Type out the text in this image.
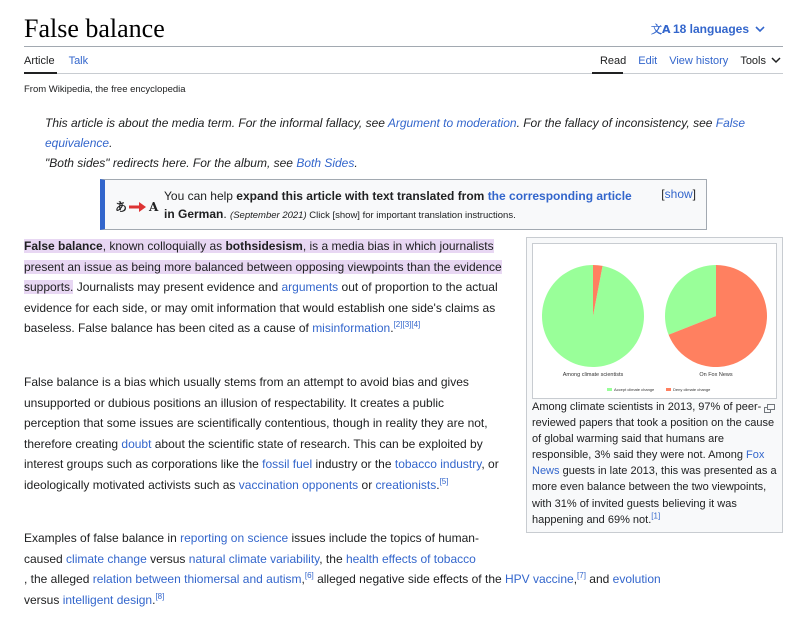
False balance	文A 18 languages
Article Talk	Read Edit View history Tools
From Wikipedia, the free encyclopedia
This article is about the media term. For the informal fallacy, see Argument to moderation. For the fallacy of inconsistency, see False equivalence.
"Both sides" redirects here. For the album, see Both Sides.
あ A
You can help expand this article with text translated from the corresponding article in German. (September 2021) Click [show] for important translation instructions.
[show]
False balance, known colloquially as bothsidesism, is a media bias in which journalists present an issue as being more balanced between opposing viewpoints than the evidence supports. Journalists may present evidence and arguments out of proportion to the actual evidence for each side, or may omit information that would establish one side's claims as baseless. False balance has been cited as a cause of misinformation.[2][3][4]
False balance is a bias which usually stems from an attempt to avoid bias and gives unsupported or dubious positions an illusion of respectability. It creates a public perception that some issues are scientifically contentious, though in reality they are not, therefore creating doubt about the scientific state of research. This can be exploited by interest groups such as corporations like the fossil fuel industry or the tobacco industry, or ideologically motivated activists such as vaccination opponents or creationists.[5]
Examples of false balance in reporting on science issues include the topics of human-caused climate change versus natural climate variability, the health effects of tobacco
, the alleged relation between thiomersal and autism,[6] alleged negative side effects of the HPV vaccine,[7] and evolution
versus intelligent design.[8]
Among climate scientists	On Fox News
Accept climate change	Deny climate change
Among climate scientists in 2013, 97% of peer-reviewed papers that took a position on the cause of global warming said that humans are responsible, 3% said they were not. Among Fox News guests in late 2013, this was presented as a more even balance between the two viewpoints, with 31% of invited guests believing it was happening and 69% not.[1]
